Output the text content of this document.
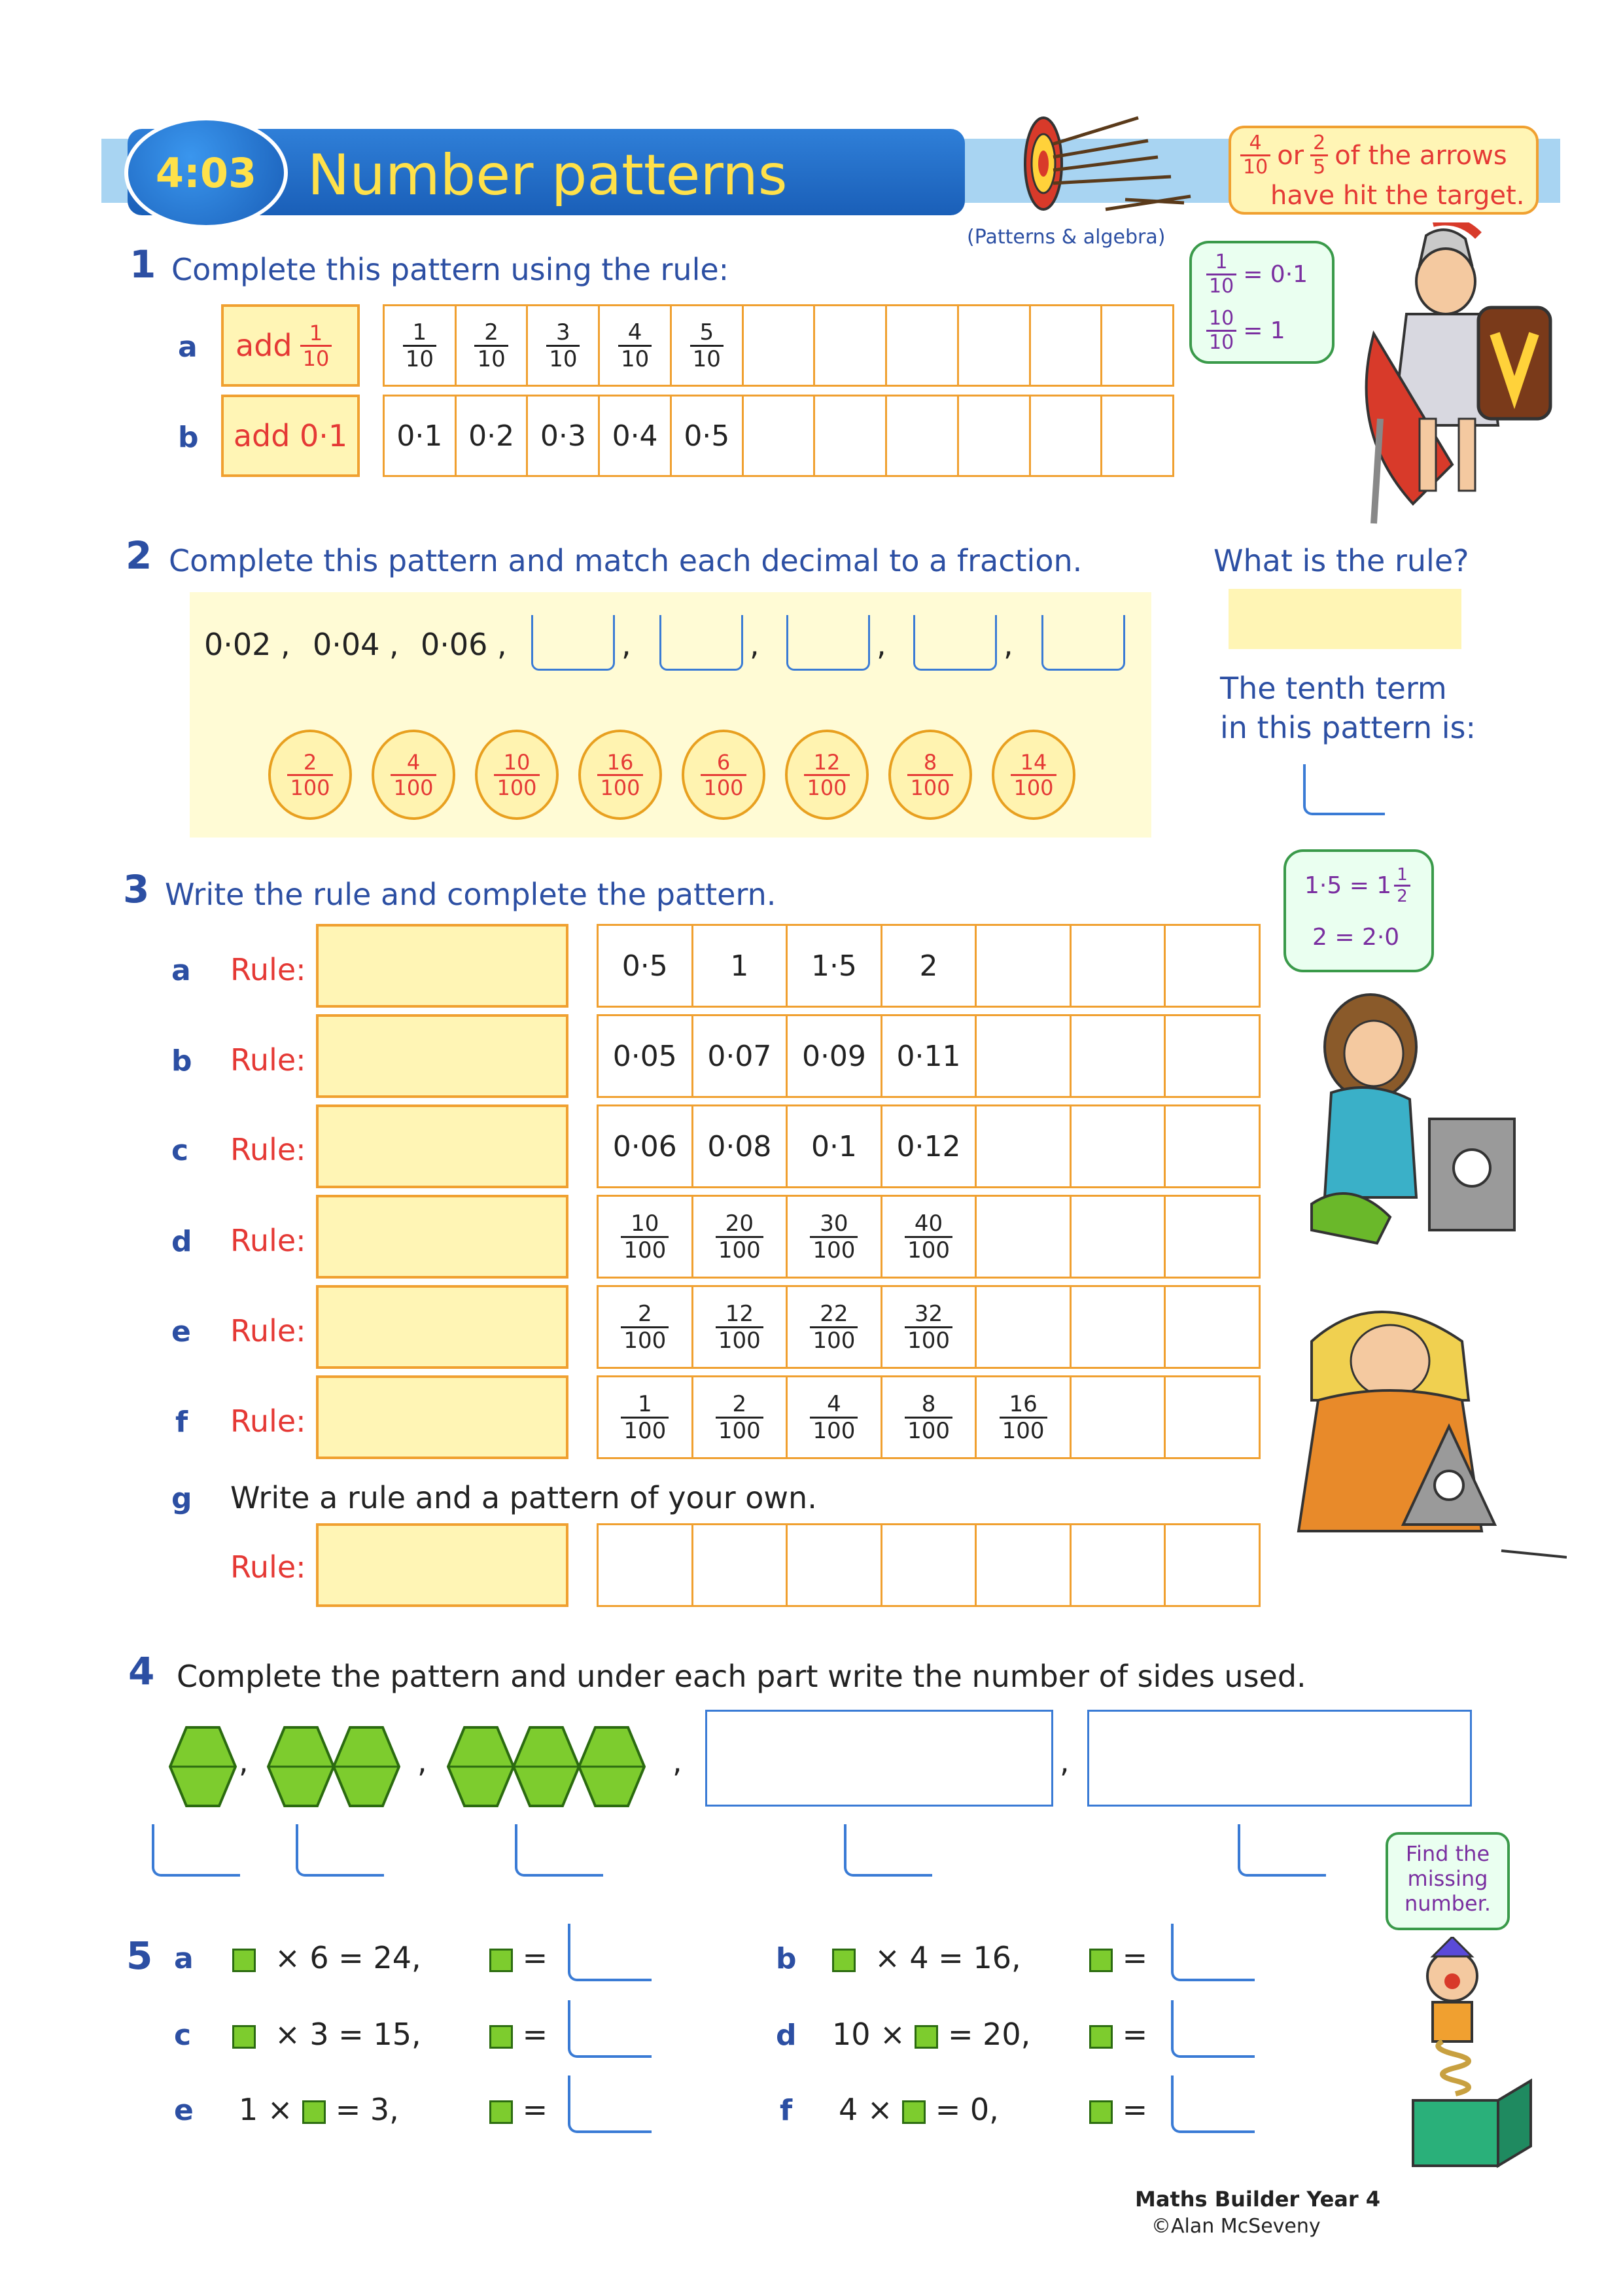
4:03 Number patterns
(Patterns & algebra)
$\frac{4}{10}$ or $\frac{2}{5}$ of the arrows
have hit the target.
1 Complete this pattern using the rule:
a add $\frac{1}{10}$	$\frac{1}{10} \frac{2}{10} \frac{3}{10} \frac{4}{10} \frac{5}{10}$
b add 0·1	0·1 0·2 0·3 0·4 0·5
$\frac{1}{10} = 0\cdot 1$
$\frac{10}{10} = 1$
2 Complete this pattern and match each decimal to a fraction.	What is the rule?
0·02 , 0·04 , 0·06 ,	,	,	,	,
$\frac{2}{100}$	$\frac{4}{100}$	$\frac{10}{100}$	$\frac{16}{100}$	$\frac{6}{100}$	$\frac{12}{100}$	$\frac{8}{100}$	$\frac{14}{100}$
The tenth term
in this pattern is:
3 Write the rule and complete the pattern.	$1\cdot 5 = 1 \frac{1}{2}$
2 = 2·0
a Rule:	0·5	1	1·5	2
b Rule:	0·05	0·07	0·09	0·11
c Rule:	0·06	0·08	0·1	0·12
d Rule:	$\frac{10}{100} \frac{20}{100} \frac{30}{100} \frac{40}{100}$
e Rule:	$\frac{2}{100} \frac{12}{100} \frac{22}{100} \frac{32}{100}$
f Rule:	$\frac{1}{100} \frac{2}{100} \frac{4}{100} \frac{8}{100} \frac{16}{100}$
g Write a rule and a pattern of your own.
Rule:
4 Complete the pattern and under each part write the number of sides used.
,	,	,	,
5 a	× 6 = 24,	=	b	× 4 = 16,	=
c	× 3 = 15,	=	d 10 × = 20,	=
e 1 × = 3,	=	f 4 × = 0,	=
Find the
missing
number.
Maths Builder Year 4
©Alan McSeveny
